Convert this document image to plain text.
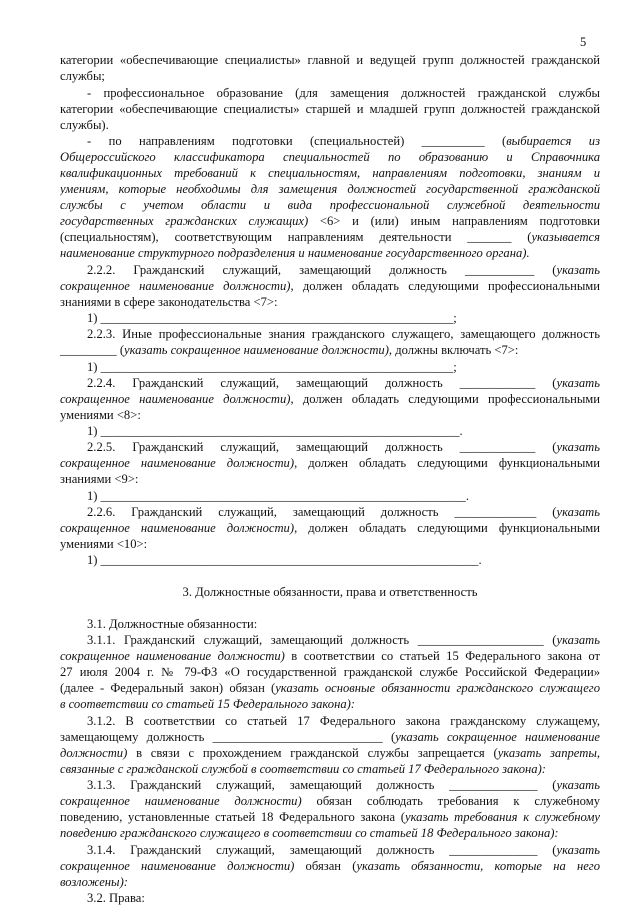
5
категории «обеспечивающие специалисты» главной и ведущей групп должностей гражданской
службы;
- профессиональное образование (для замещения должностей гражданской службы
категории «обеспечивающие специалисты» старшей и младшей групп должностей гражданской
службы).
- по направлениям подготовки (специальностей) __________ (выбирается из
Общероссийского классификатора специальностей по образованию и Справочника
квалификационных требований к специальностям, направлениям подготовки, знаниям и
умениям, которые необходимы для замещения должностей государственной гражданской
службы с учетом области и вида профессиональной служебной деятельности
государственных гражданских служащих) <6> и (или) иным направлениям подготовки
(специальностям), соответствующим направлениям деятельности _______ (указывается
наименование структурного подразделения и наименование государственного органа).
2.2.2. Гражданский служащий, замещающий должность ___________ (указать
сокращенное наименование должности), должен обладать следующими профессиональными
знаниями в сфере законодательства <7>:
1) ________________________________________________________;
2.2.3. Иные профессиональные знания гражданского служащего, замещающего должность
_________ (указать сокращенное наименование должности), должны включать <7>:
1) ________________________________________________________;
2.2.4. Гражданский служащий, замещающий должность ____________ (указать
сокращенное наименование должности), должен обладать следующими профессиональными
умениями <8>:
1) _________________________________________________________.
2.2.5. Гражданский служащий, замещающий должность ____________ (указать
сокращенное наименование должности), должен обладать следующими функциональными
знаниями <9>:
1) __________________________________________________________.
2.2.6. Гражданский служащий, замещающий должность _____________ (указать
сокращенное наименование должности), должен обладать следующими функциональными
умениями <10>:
1) ____________________________________________________________.
3. Должностные обязанности, права и ответственность
3.1. Должностные обязанности:
3.1.1. Гражданский служащий, замещающий должность ____________________ (указать
сокращенное наименование должности) в соответствии со статьей 15 Федерального закона от
27 июля 2004 г. № 79-ФЗ «О государственной гражданской службе Российской Федерации»
(далее - Федеральный закон) обязан (указать основные обязанности гражданского служащего
в соответствии со статьей 15 Федерального закона):
3.1.2. В соответствии со статьей 17 Федерального закона гражданскому служащему,
замещающему должность ___________________________ (указать сокращенное наименование
должности) в связи с прохождением гражданской службы запрещается (указать запреты,
связанные с гражданской службой в соответствии со статьей 17 Федерального закона):
3.1.3. Гражданский служащий, замещающий должность ______________ (указать
сокращенное наименование должности) обязан соблюдать требования к служебному
поведению, установленные статьей 18 Федерального закона (указать требования к служебному
поведению гражданского служащего в соответствии со статьей 18 Федерального закона):
3.1.4. Гражданский служащий, замещающий должность ______________ (указать
сокращенное наименование должности) обязан (указать обязанности, которые на него
возложены):
3.2. Права:
